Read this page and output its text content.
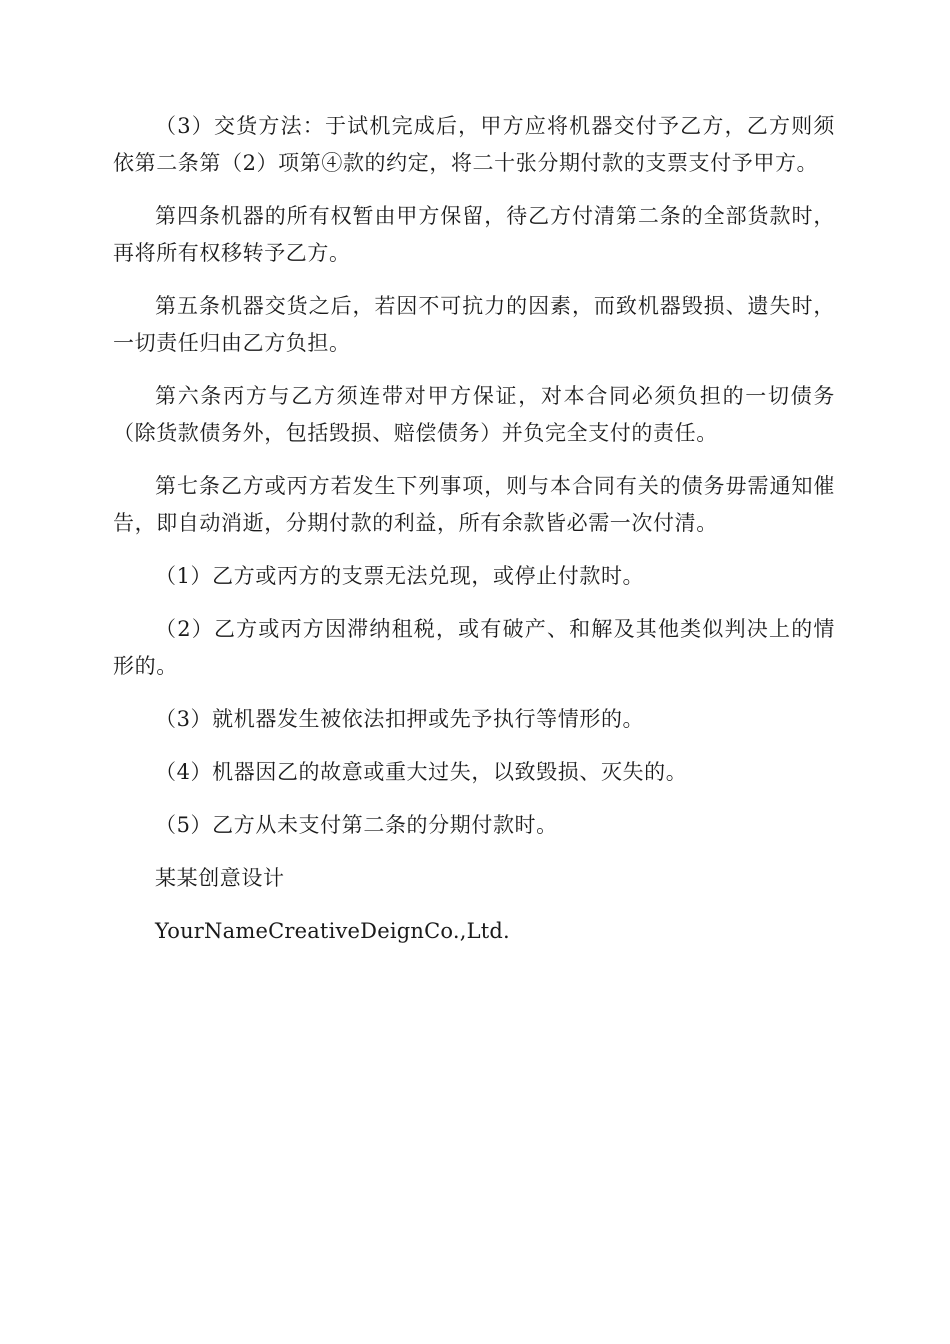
（3）交货方法：于试机完成后，甲方应将机器交付予乙方，乙方则须依第二条第（2）项第④款的约定，将二十张分期付款的支票支付予甲方。

第四条机器的所有权暂由甲方保留，待乙方付清第二条的全部货款时，再将所有权移转予乙方。

第五条机器交货之后，若因不可抗力的因素，而致机器毁损、遗失时，一切责任归由乙方负担。

第六条丙方与乙方须连带对甲方保证，对本合同必须负担的一切债务（除货款债务外，包括毁损、赔偿债务）并负完全支付的责任。

第七条乙方或丙方若发生下列事项，则与本合同有关的债务毋需通知催告，即自动消逝，分期付款的利益，所有余款皆必需一次付清。

（1）乙方或丙方的支票无法兑现，或停止付款时。

（2）乙方或丙方因滞纳租税，或有破产、和解及其他类似判决上的情形的。

（3）就机器发生被依法扣押或先予执行等情形的。

（4）机器因乙的故意或重大过失，以致毁损、灭失的。

（5）乙方从未支付第二条的分期付款时。

某某创意设计

YourNameCreativeDeignCo.,Ltd.
